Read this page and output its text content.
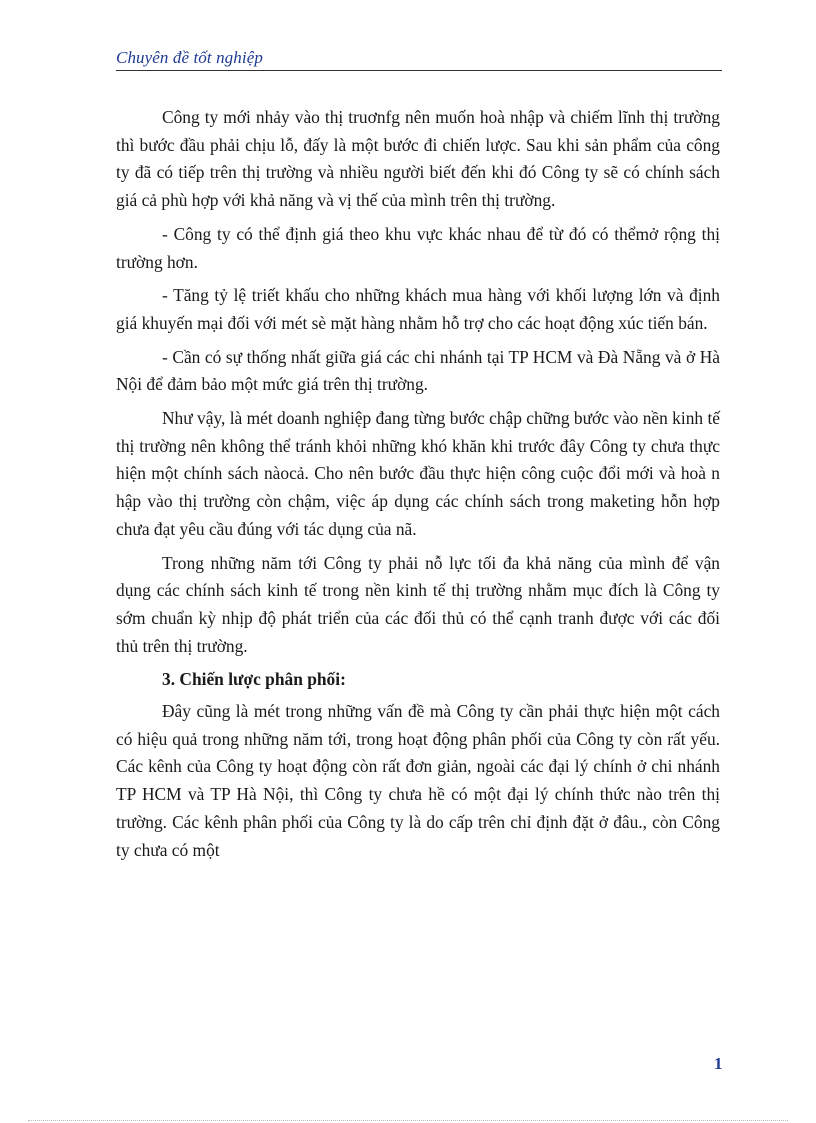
Chuyên đề tốt nghiệp

Công ty mới nhảy vào thị truơnfg nên muốn hoà nhập và chiếm lĩnh thị trường thì bước đầu phải chịu lỗ, đấy là một bước đi chiến lược. Sau khi sản phẩm của công ty đã có tiếp trên thị trường và nhiều người biết đến khi đó Công ty sẽ có chính sách giá cả phù hợp với khả năng và vị thế của mình trên thị trường.

- Công ty có thể định giá theo khu vực khác nhau để từ đó có thểmở rộng thị trường hơn.

- Tăng tỷ lệ triết khấu cho những khách mua hàng với khối lượng lớn và định giá khuyến mại đối với mét sè mặt hàng nhằm hỗ trợ cho các hoạt động xúc tiến bán.

- Cần có sự thống nhất giữa giá các chi nhánh tại TP HCM và Đà Nẵng và ở Hà Nội để đảm bảo một mức giá trên thị trường.

Như vậy, là mét doanh nghiệp đang từng bước chập chững bước vào nền kinh tế thị trường nên không thể tránh khỏi những khó khăn khi trước đây Công ty chưa thực hiện một chính sách nàocả. Cho nên bước đầu thực hiện công cuộc đổi mới và hoà n hập vào thị trường còn chậm, việc áp dụng các chính sách trong maketing hỗn hợp chưa đạt yêu cầu đúng với tác dụng của nã.

Trong những năm tới Công ty phải nỗ lực tối đa khả năng của mình để vận dụng các chính sách kinh tế trong nền kinh tế thị trường nhằm mục đích là Công ty sớm chuẩn kỳ nhịp độ phát triển của các đối thủ có thể cạnh tranh được với các đối thủ trên thị trường.

3. Chiến lược phân phối:

Đây cũng là mét trong những vấn đề mà Công ty cần phải thực hiện một cách có hiệu quả trong những năm tới, trong hoạt động phân phối của Công ty còn rất yếu. Các kênh của Công ty hoạt động còn rất đơn giản, ngoài các đại lý chính ở chi nhánh TP HCM và TP Hà Nội, thì Công ty chưa hề có một đại lý chính thức nào trên thị trường. Các kênh phân phối của Công ty là do cấp trên chỉ định đặt ở đâu., còn Công ty chưa có một

1
